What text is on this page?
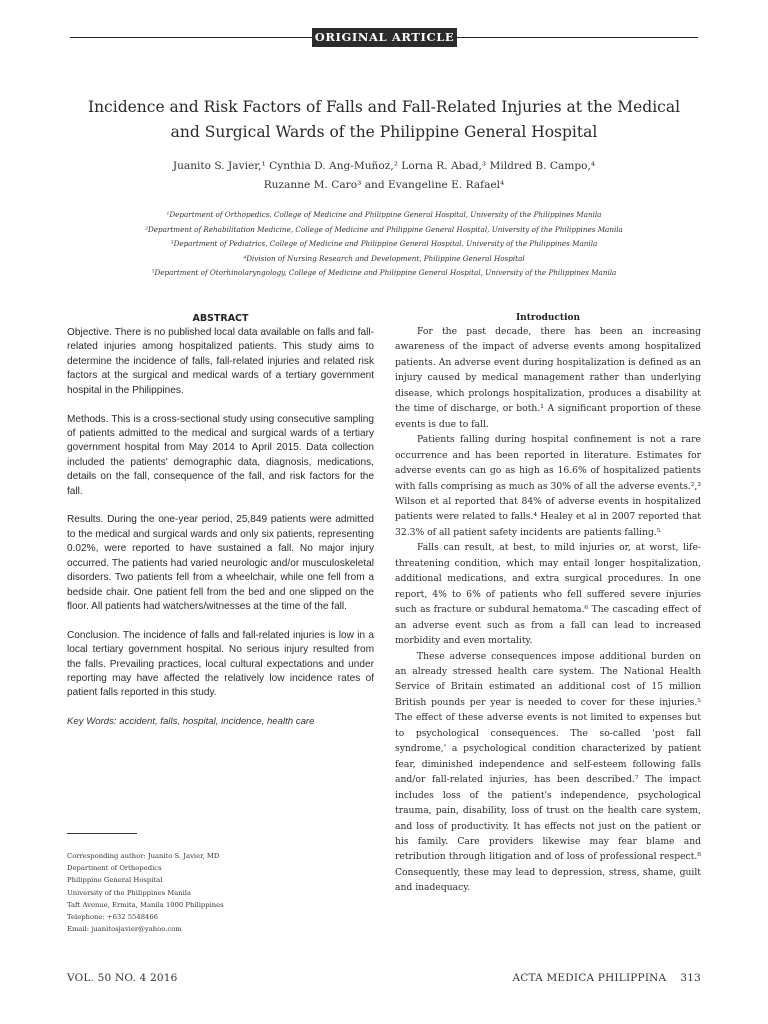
ORIGINAL ARTICLE
Incidence and Risk Factors of Falls and Fall-Related Injuries at the Medical and Surgical Wards of the Philippine General Hospital
Juanito S. Javier,¹ Cynthia D. Ang-Muñoz,² Lorna R. Abad,³ Mildred B. Campo,⁴
Ruzanne M. Caro³ and Evangeline E. Rafael⁴
¹Department of Orthopedics, College of Medicine and Philippine General Hospital, University of the Philippines Manila
²Department of Rehabilitation Medicine, College of Medicine and Philippine General Hospital, University of the Philippines Manila
³Department of Pediatrics, College of Medicine and Philippine General Hospital, University of the Philippines Manila
⁴Division of Nursing Research and Development, Philippine General Hospital
⁵Department of Otorhinolaryngology, College of Medicine and Philippine General Hospital, University of the Philippines Manila
ABSTRACT

Objective. There is no published local data available on falls and fall-related injuries among hospitalized patients. This study aims to determine the incidence of falls, fall-related injuries and related risk factors at the surgical and medical wards of a tertiary government hospital in the Philippines.

Methods. This is a cross-sectional study using consecutive sampling of patients admitted to the medical and surgical wards of a tertiary government hospital from May 2014 to April 2015. Data collection included the patients' demographic data, diagnosis, medications, details on the fall, consequence of the fall, and risk factors for the fall.

Results. During the one-year period, 25,849 patients were admitted to the medical and surgical wards and only six patients, representing 0.02%, were reported to have sustained a fall. No major injury occurred. The patients had varied neurologic and/or musculoskeletal disorders. Two patients fell from a wheelchair, while one fell from a bedside chair. One patient fell from the bed and one slipped on the floor. All patients had watchers/witnesses at the time of the fall.

Conclusion. The incidence of falls and fall-related injuries is low in a local tertiary government hospital. No serious injury resulted from the falls. Prevailing practices, local cultural expectations and under reporting may have affected the relatively low incidence rates of patient falls reported in this study.

Key Words: accident, falls, hospital, incidence, health care

Corresponding author: Juanito S. Javier, MD
Department of Orthopedics
Philippine General Hospital
University of the Philippines Manila
Taft Avenue, Ermita, Manila 1000 Philippines
Telephone: +632 5548466
Email: juanitosjavier@yahoo.com
Introduction

For the past decade, there has been an increasing awareness of the impact of adverse events among hospitalized patients. An adverse event during hospitalization is defined as an injury caused by medical management rather than underlying disease, which prolongs hospitalization, produces a disability at the time of discharge, or both.¹ A significant proportion of these events is due to fall.

Patients falling during hospital confinement is not a rare occurrence and has been reported in literature. Estimates for adverse events can go as high as 16.6% of hospitalized patients with falls comprising as much as 30% of all the adverse events.²,³ Wilson et al reported that 84% of adverse events in hospitalized patients were related to falls.⁴ Healey et al in 2007 reported that 32.3% of all patient safety incidents are patients falling.⁵

Falls can result, at best, to mild injuries or, at worst, life-threatening condition, which may entail longer hospitalization, additional medications, and extra surgical procedures. In one report, 4% to 6% of patients who fell suffered severe injuries such as fracture or subdural hematoma.⁶ The cascading effect of an adverse event such as from a fall can lead to increased morbidity and even mortality.

These adverse consequences impose additional burden on an already stressed health care system. The National Health Service of Britain estimated an additional cost of 15 million British pounds per year is needed to cover for these injuries.⁵ The effect of these adverse events is not limited to expenses but to psychological consequences. The so-called 'post fall syndrome,' a psychological condition characterized by patient fear, diminished independence and self-esteem following falls and/or fall-related injuries, has been described.⁷ The impact includes loss of the patient's independence, psychological trauma, pain, disability, loss of trust on the health care system, and loss of productivity. It has effects not just on the patient or his family. Care providers likewise may fear blame and retribution through litigation and of loss of professional respect.⁸ Consequently, these may lead to depression, stress, shame, guilt and inadequacy.

VOL. 50 NO. 4 2016	ACTA MEDICA PHILIPPINA 313
